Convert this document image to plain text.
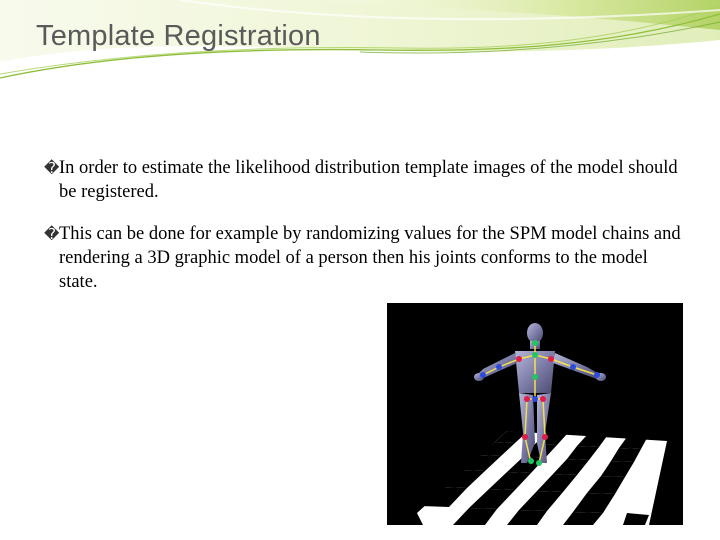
Template Registration
� In order to estimate the likelihood distribution template images of the model should be registered.
� This can be done for example by randomizing values for the SPM model chains and rendering a 3D graphic model of a person then his joints conforms to the model state.
